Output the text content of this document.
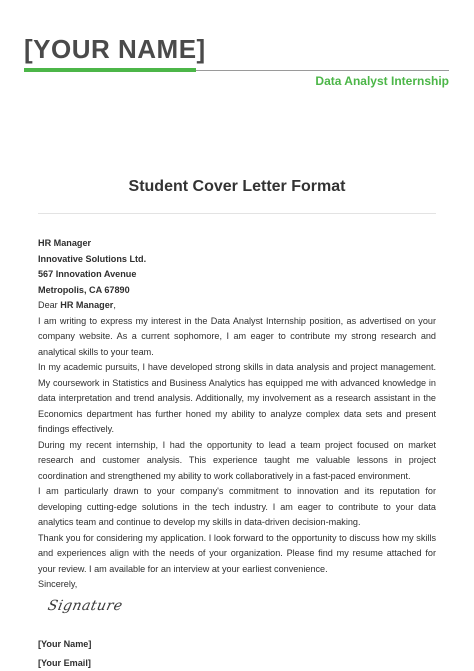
[YOUR NAME]
Data Analyst Internship
Student Cover Letter Format

HR Manager

Innovative Solutions Ltd.

567 Innovation Avenue

Metropolis, CA 67890

Dear HR Manager,

I am writing to express my interest in the Data Analyst Internship position, as advertised on your company website. As a current sophomore, I am eager to contribute my strong research and analytical skills to your team.

In my academic pursuits, I have developed strong skills in data analysis and project management. My coursework in Statistics and Business Analytics has equipped me with advanced knowledge in data interpretation and trend analysis. Additionally, my involvement as a research assistant in the Economics department has further honed my ability to analyze complex data sets and present findings effectively.

During my recent internship, I had the opportunity to lead a team project focused on market research and customer analysis. This experience taught me valuable lessons in project coordination and strengthened my ability to work collaboratively in a fast-paced environment.

I am particularly drawn to your company's commitment to innovation and its reputation for developing cutting-edge solutions in the tech industry. I am eager to contribute to your data analytics team and continue to develop my skills in data-driven decision-making.

Thank you for considering my application. I look forward to the opportunity to discuss how my skills and experiences align with the needs of your organization. Please find my resume attached for your review. I am available for an interview at your earliest convenience.

Sincerely,

Signature
[Your Name]
[Your Email]
